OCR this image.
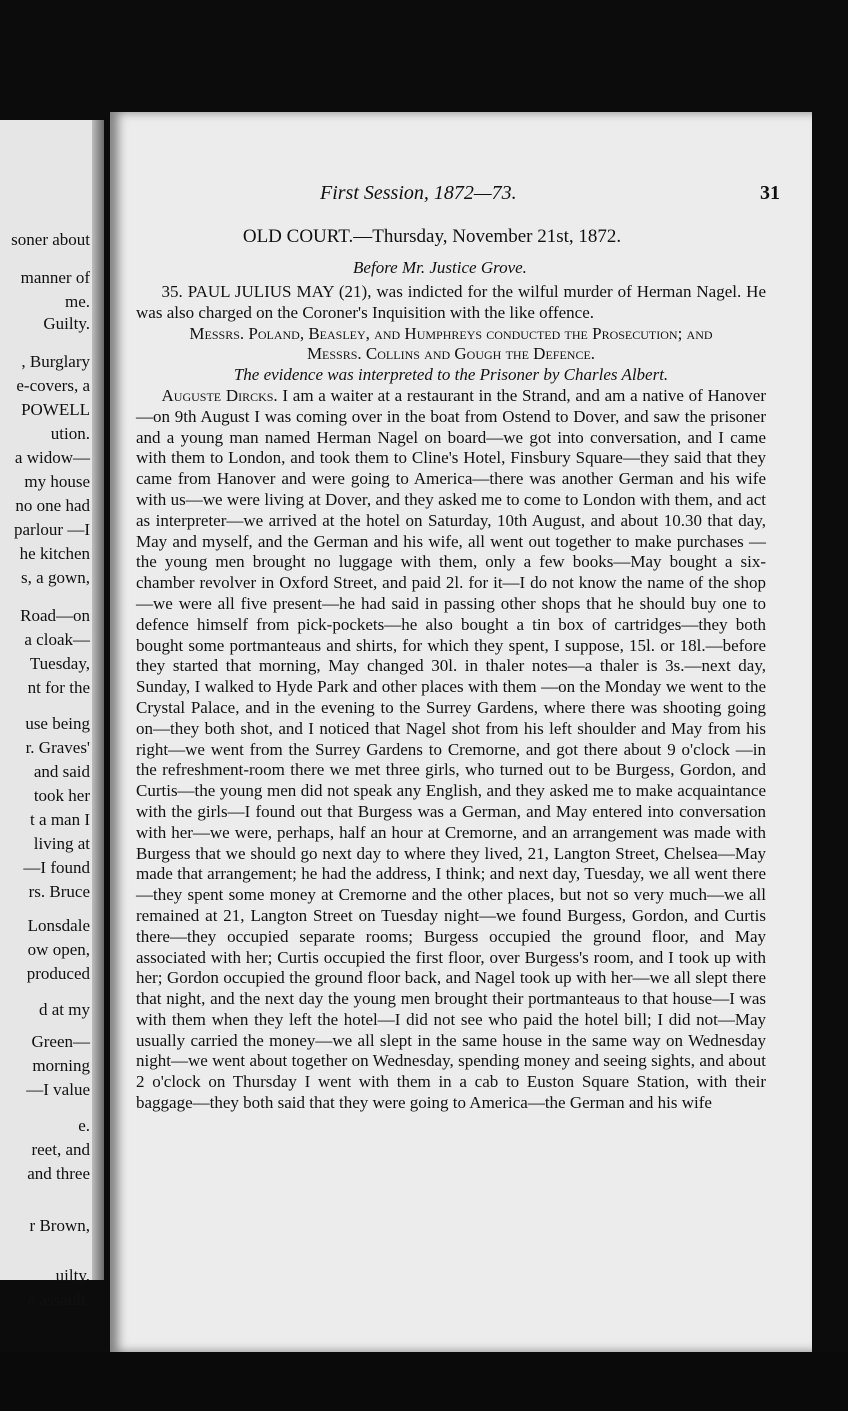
soner about
manner of
me.
Guilty.
, Burglary
e-covers, a
POWELL
ution.
a widow—
my house
no one had
parlour —I
he kitchen
s, a gown,
Road—on
a cloak—
Tuesday,
nt for the
use being
r. Graves'
and said
took her
t a man I
living at
—I found
rs. Bruce
Lonsdale
ow open,
produced
d at my
Green—
morning
—I value
e.
reet, and
and three
r Brown,
uilty.
a assault.
First Session, 1872—73.	31
OLD COURT.—Thursday, November 21st, 1872.
Before Mr. Justice Grove.

35. PAUL JULIUS MAY (21), was indicted for the wilful murder of Herman Nagel. He was also charged on the Coroner's Inquisition with the like offence.

Messrs. Poland, Beasley, and Humphreys conducted the Prosecution; and

Messrs. Collins and Gough the Defence.

The evidence was interpreted to the Prisoner by Charles Albert.

Auguste Dircks. I am a waiter at a restaurant in the Strand, and am a native of Hanover—on 9th August I was coming over in the boat from Ostend to Dover, and saw the prisoner and a young man named Herman Nagel on board—we got into conversation, and I came with them to London, and took them to Cline's Hotel, Finsbury Square—they said that they came from Hanover and were going to America—there was another German and his wife with us—we were living at Dover, and they asked me to come to London with them, and act as interpreter—we arrived at the hotel on Saturday, 10th August, and about 10.30 that day, May and myself, and the German and his wife, all went out together to make purchases —the young men brought no luggage with them, only a few books—May bought a six-chamber revolver in Oxford Street, and paid 2l. for it—I do not know the name of the shop—we were all five present—he had said in passing other shops that he should buy one to defence himself from pick-pockets—he also bought a tin box of cartridges—they both bought some portmanteaus and shirts, for which they spent, I suppose, 15l. or 18l.—before they started that morning, May changed 30l. in thaler notes—a thaler is 3s.—next day, Sunday, I walked to Hyde Park and other places with them —on the Monday we went to the Crystal Palace, and in the evening to the Surrey Gardens, where there was shooting going on—they both shot, and I noticed that Nagel shot from his left shoulder and May from his right—we went from the Surrey Gardens to Cremorne, and got there about 9 o'clock —in the refreshment-room there we met three girls, who turned out to be Burgess, Gordon, and Curtis—the young men did not speak any English, and they asked me to make acquaintance with the girls—I found out that Burgess was a German, and May entered into conversation with her—we were, perhaps, half an hour at Cremorne, and an arrangement was made with Burgess that we should go next day to where they lived, 21, Langton Street, Chelsea—May made that arrangement; he had the address, I think; and next day, Tuesday, we all went there—they spent some money at Cremorne and the other places, but not so very much—we all remained at 21, Langton Street on Tuesday night—we found Burgess, Gordon, and Curtis there—they occupied separate rooms; Burgess occupied the ground floor, and May associated with her; Curtis occupied the first floor, over Burgess's room, and I took up with her; Gordon occupied the ground floor back, and Nagel took up with her—we all slept there that night, and the next day the young men brought their portmanteaus to that house—I was with them when they left the hotel—I did not see who paid the hotel bill; I did not—May usually carried the money—we all slept in the same house in the same way on Wednesday night—we went about together on Wednesday, spending money and seeing sights, and about 2 o'clock on Thursday I went with them in a cab to Euston Square Station, with their baggage—they both said that they were going to America—the German and his wife
